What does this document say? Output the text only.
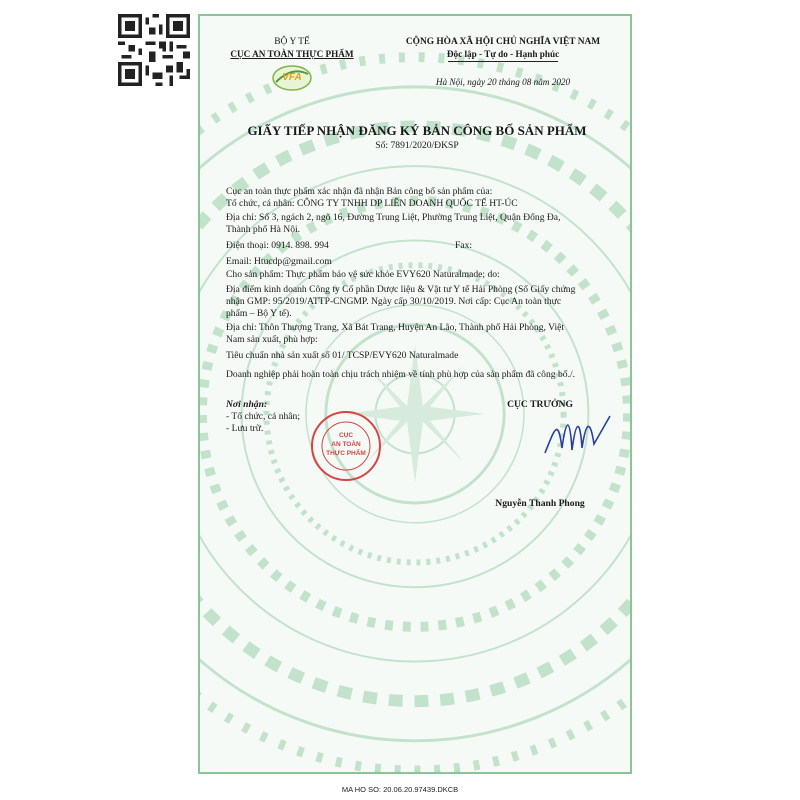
BỘ Y TẾ
CỤC AN TOÀN THỰC PHẨM
VFA
CỘNG HÒA XÃ HỘI CHỦ NGHĨA VIỆT NAM
Độc lập - Tự do - Hạnh phúc
Hà Nội, ngày 20 tháng 08 năm 2020
GIẤY TIẾP NHẬN ĐĂNG KÝ BẢN CÔNG BỐ SẢN PHẨM
Số: 7891/2020/ĐKSP
Cục an toàn thực phẩm xác nhận đã nhận Bản công bố sản phẩm của:
Tổ chức, cá nhân: CÔNG TY TNHH DP LIÊN DOANH QUỐC TẾ HT-ÚC
Địa chỉ: Số 3, ngách 2, ngõ 16, Đường Trung Liệt, Phường Trung Liệt, Quận Đống Đa,
Thành phố Hà Nội.
Điện thoại: 0914. 898. 994	Fax:
Email: Htucdp@gmail.com
Cho sản phẩm: Thực phẩm bảo vệ sức khỏe EVY620 Naturalmade; do:
Địa điểm kinh doanh Công ty Cổ phần Dược liệu & Vật tư Y tế Hải Phòng (Số Giấy chứng
nhận GMP: 95/2019/ATTP-CNGMP. Ngày cấp 30/10/2019. Nơi cấp: Cục An toàn thực
phẩm – Bộ Y tế).
Địa chỉ: Thôn Thượng Trang, Xã Bát Trang, Huyện An Lão, Thành phố Hải Phòng, Việt
Nam sản xuất, phù hợp:
Tiêu chuẩn nhà sản xuất số 01/ TCSP/EVY620 Naturalmade
Doanh nghiệp phải hoàn toàn chịu trách nhiệm về tính phù hợp của sản phẩm đã công bố./.
Nơi nhận:
- Tổ chức, cá nhân;
- Lưu trữ.
CỤC TRƯỞNG
Nguyễn Thanh Phong
CỤC
AN TOÀN
THỰC PHẨM
MA HO SO: 20.06.20.97439.DKCB
